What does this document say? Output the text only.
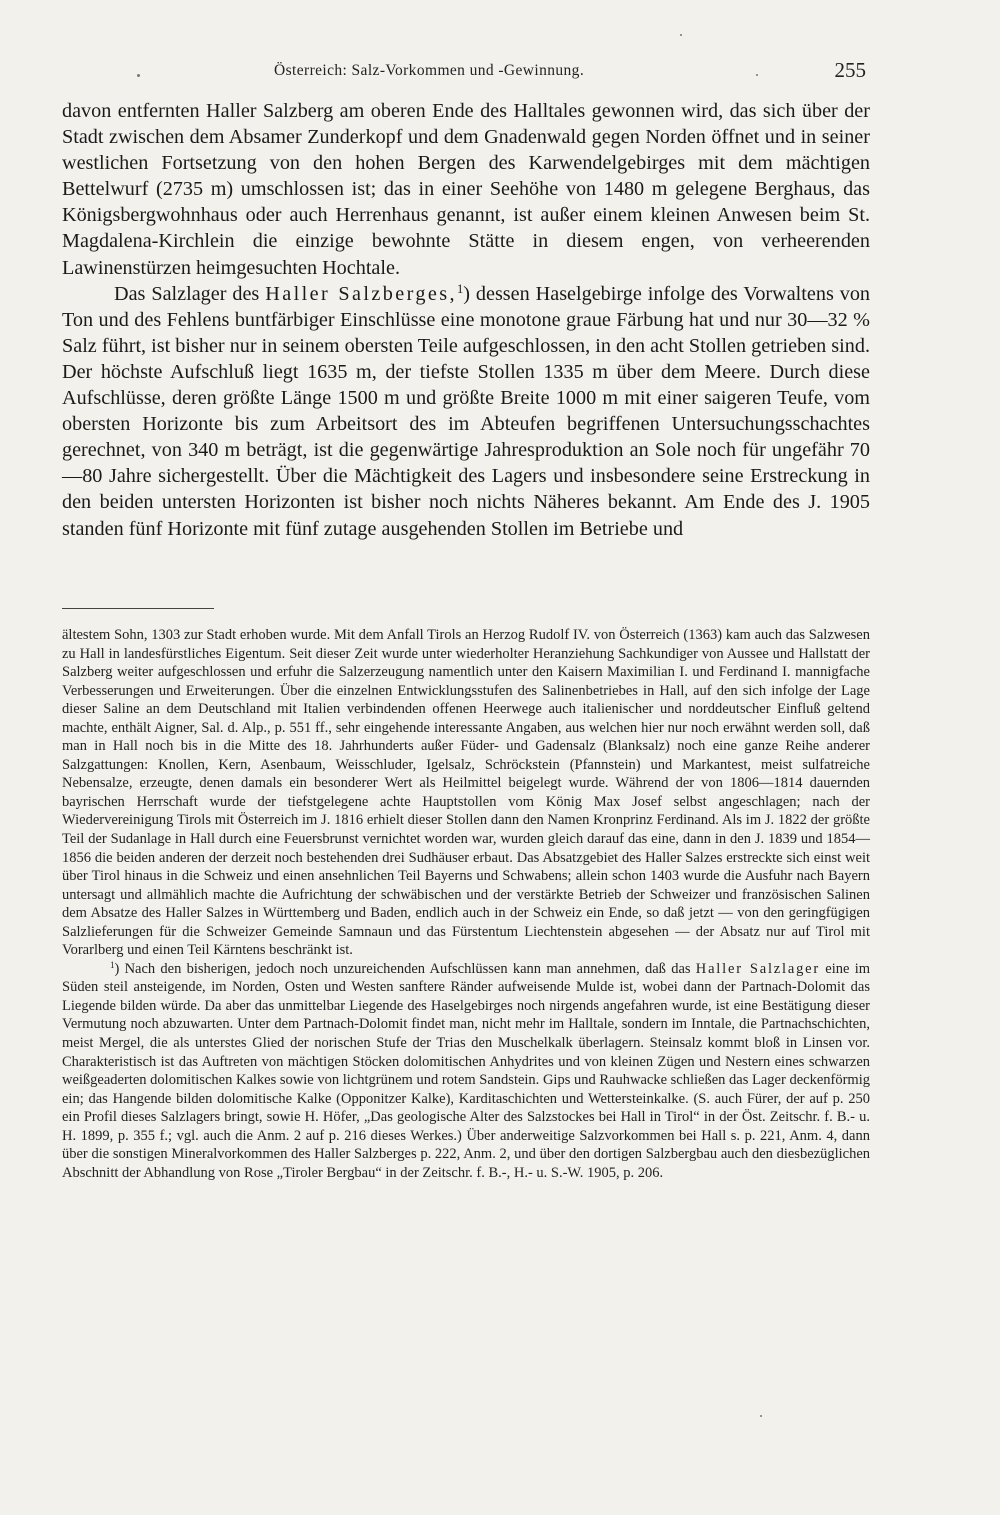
Österreich: Salz-Vorkommen und -Gewinnung.	255

davon entfernten Haller Salzberg am oberen Ende des Halltales gewonnen wird, das sich über der Stadt zwischen dem Absamer Zunderkopf und dem Gnadenwald gegen Norden öffnet und in seiner westlichen Fortsetzung von den hohen Bergen des Karwendelgebirges mit dem mächtigen Bettelwurf (2735 m) umschlossen ist; das in einer Seehöhe von 1480 m gelegene Berghaus, das Königsbergwohnhaus oder auch Herrenhaus genannt, ist außer einem kleinen Anwesen beim St. Magdalena-Kirchlein die einzige bewohnte Stätte in diesem engen, von verheerenden Lawinenstürzen heimgesuchten Hochtale.

Das Salzlager des Haller Salzberges,$^1$) dessen Haselgebirge infolge des Vorwaltens von Ton und des Fehlens buntfärbiger Einschlüsse eine monotone graue Färbung hat und nur 30—32 % Salz führt, ist bisher nur in seinem obersten Teile aufgeschlossen, in den acht Stollen getrieben sind. Der höchste Aufschluß liegt 1635 m, der tiefste Stollen 1335 m über dem Meere. Durch diese Aufschlüsse, deren größte Länge 1500 m und größte Breite 1000 m mit einer saigeren Teufe, vom obersten Horizonte bis zum Arbeitsort des im Abteufen begriffenen Untersuchungsschachtes gerechnet, von 340 m beträgt, ist die gegenwärtige Jahresproduktion an Sole noch für ungefähr 70—80 Jahre sichergestellt. Über die Mächtigkeit des Lagers und insbesondere seine Erstreckung in den beiden untersten Horizonten ist bisher noch nichts Näheres bekannt. Am Ende des J. 1905 standen fünf Horizonte mit fünf zutage ausgehenden Stollen im Betriebe und

ältestem Sohn, 1303 zur Stadt erhoben wurde. Mit dem Anfall Tirols an Herzog Rudolf IV. von Österreich (1363) kam auch das Salzwesen zu Hall in landesfürstliches Eigentum. Seit dieser Zeit wurde unter wiederholter Heranziehung Sachkundiger von Aussee und Hallstatt der Salzberg weiter aufgeschlossen und erfuhr die Salzerzeugung namentlich unter den Kaisern Maximilian I. und Ferdinand I. mannigfache Verbesserungen und Erweiterungen. Über die einzelnen Entwicklungsstufen des Salinenbetriebes in Hall, auf den sich infolge der Lage dieser Saline an dem Deutschland mit Italien verbindenden offenen Heerwege auch italienischer und norddeutscher Einfluß geltend machte, enthält Aigner, Sal. d. Alp., p. 551 ff., sehr eingehende interessante Angaben, aus welchen hier nur noch erwähnt werden soll, daß man in Hall noch bis in die Mitte des 18. Jahrhunderts außer Füder- und Gadensalz (Blanksalz) noch eine ganze Reihe anderer Salzgattungen: Knollen, Kern, Asenbaum, Weisschluder, Igelsalz, Schröckstein (Pfannstein) und Markantest, meist sulfatreiche Nebensalze, erzeugte, denen damals ein besonderer Wert als Heilmittel beigelegt wurde. Während der von 1806—1814 dauernden bayrischen Herrschaft wurde der tiefstgelegene achte Hauptstollen vom König Max Josef selbst angeschlagen; nach der Wiedervereinigung Tirols mit Österreich im J. 1816 erhielt dieser Stollen dann den Namen Kronprinz Ferdinand. Als im J. 1822 der größte Teil der Sudanlage in Hall durch eine Feuersbrunst vernichtet worden war, wurden gleich darauf das eine, dann in den J. 1839 und 1854—1856 die beiden anderen der derzeit noch bestehenden drei Sudhäuser erbaut. Das Absatzgebiet des Haller Salzes erstreckte sich einst weit über Tirol hinaus in die Schweiz und einen ansehnlichen Teil Bayerns und Schwabens; allein schon 1403 wurde die Ausfuhr nach Bayern untersagt und allmählich machte die Aufrichtung der schwäbischen und der verstärkte Betrieb der Schweizer und französischen Salinen dem Absatze des Haller Salzes in Württemberg und Baden, endlich auch in der Schweiz ein Ende, so daß jetzt — von den geringfügigen Salzlieferungen für die Schweizer Gemeinde Samnaun und das Fürstentum Liechtenstein abgesehen — der Absatz nur auf Tirol mit Vorarlberg und einen Teil Kärntens beschränkt ist.

$^1$) Nach den bisherigen, jedoch noch unzureichenden Aufschlüssen kann man annehmen, daß das Haller Salzlager eine im Süden steil ansteigende, im Norden, Osten und Westen sanftere Ränder aufweisende Mulde ist, wobei dann der Partnach-Dolomit das Liegende bilden würde. Da aber das unmittelbar Liegende des Haselgebirges noch nirgends angefahren wurde, ist eine Bestätigung dieser Vermutung noch abzuwarten. Unter dem Partnach-Dolomit findet man, nicht mehr im Halltale, sondern im Inntale, die Partnachschichten, meist Mergel, die als unterstes Glied der norischen Stufe der Trias den Muschelkalk überlagern. Steinsalz kommt bloß in Linsen vor. Charakteristisch ist das Auftreten von mächtigen Stöcken dolomitischen Anhydrites und von kleinen Zügen und Nestern eines schwarzen weißgeaderten dolomitischen Kalkes sowie von lichtgrünem und rotem Sandstein. Gips und Rauhwacke schließen das Lager deckenförmig ein; das Hangende bilden dolomitische Kalke (Opponitzer Kalke), Karditaschichten und Wettersteinkalke. (S. auch Fürer, der auf p. 250 ein Profil dieses Salzlagers bringt, sowie H. Höfer, „Das geologische Alter des Salzstockes bei Hall in Tirol“ in der Öst. Zeitschr. f. B.- u. H. 1899, p. 355 f.; vgl. auch die Anm. 2 auf p. 216 dieses Werkes.) Über anderweitige Salzvorkommen bei Hall s. p. 221, Anm. 4, dann über die sonstigen Mineralvorkommen des Haller Salzberges p. 222, Anm. 2, und über den dortigen Salzbergbau auch den diesbezüglichen Abschnitt der Abhandlung von Rose „Tiroler Bergbau“ in der Zeitschr. f. B.-, H.- u. S.-W. 1905, p. 206.
